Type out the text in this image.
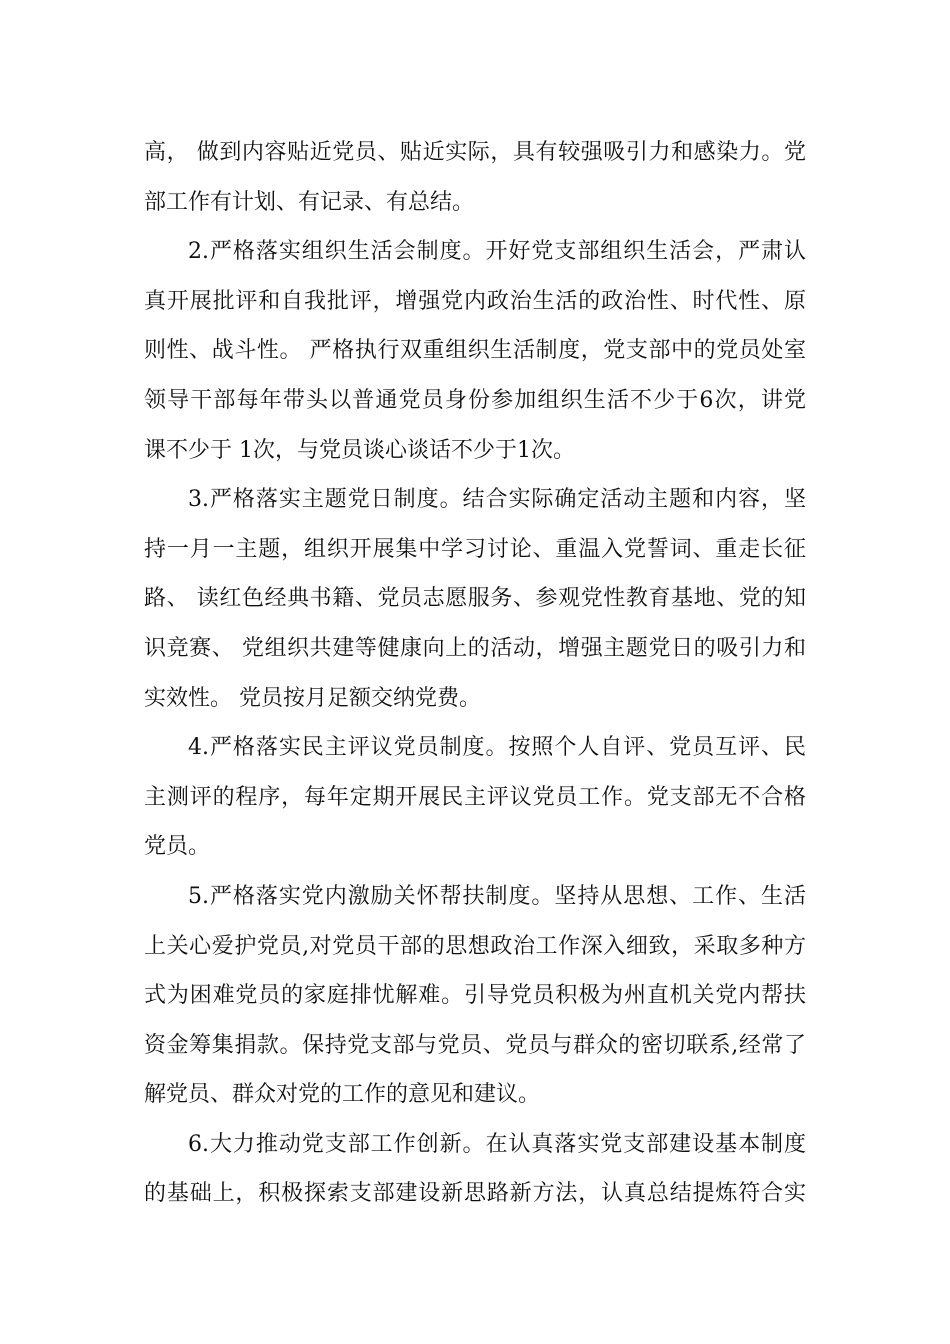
高， 做到内容贴近党员、贴近实际，具有较强吸引力和感染力。党
部工作有计划、有记录、有总结。
2.严格落实组织生活会制度。开好党支部组织生活会，严肃认
真开展批评和自我批评，增强党内政治生活的政治性、时代性、原
则性、战斗性。 严格执行双重组织生活制度，党支部中的党员处室
领导干部每年带头以普通党员身份参加组织生活不少于6次，讲党
课不少于 1次，与党员谈心谈话不少于1次。
3.严格落实主题党日制度。结合实际确定活动主题和内容，坚
持一月一主题，组织开展集中学习讨论、重温入党誓词、重走长征
路、 读红色经典书籍、党员志愿服务、参观党性教育基地、党的知
识竞赛、 党组织共建等健康向上的活动，增强主题党日的吸引力和
实效性。 党员按月足额交纳党费。
4.严格落实民主评议党员制度。按照个人自评、党员互评、民
主测评的程序，每年定期开展民主评议党员工作。党支部无不合格
党员。
5.严格落实党内激励关怀帮扶制度。坚持从思想、工作、生活
上关心爱护党员,对党员干部的思想政治工作深入细致，采取多种方
式为困难党员的家庭排忧解难。引导党员积极为州直机关党内帮扶
资金筹集捐款。保持党支部与党员、党员与群众的密切联系,经常了
解党员、群众对党的工作的意见和建议。
6.大力推动党支部工作创新。在认真落实党支部建设基本制度
的基础上，积极探索支部建设新思路新方法，认真总结提炼符合实
